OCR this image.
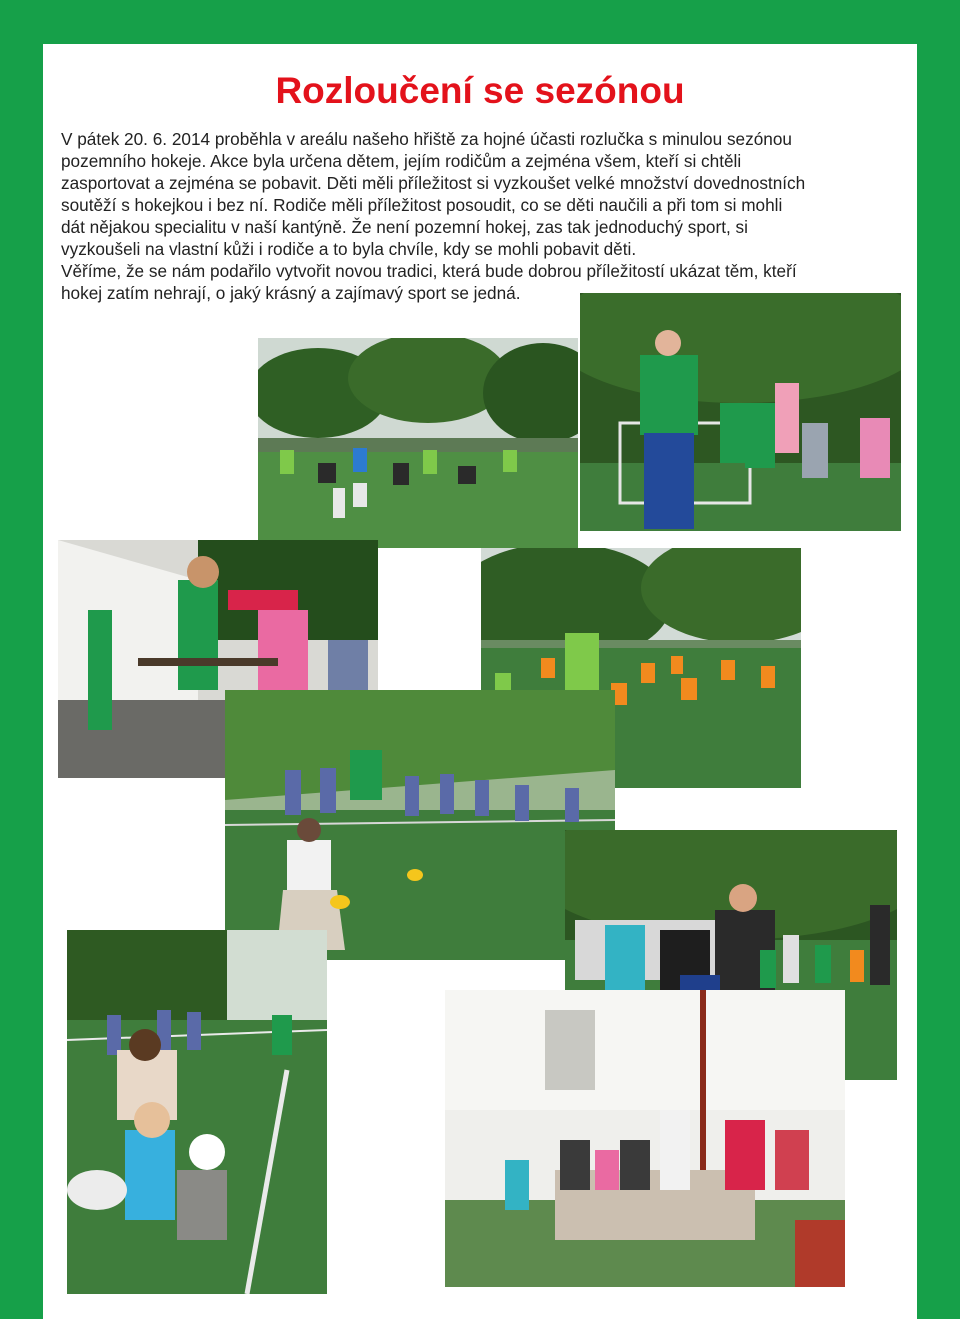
Rozloučení se sezónou
V pátek 20. 6. 2014 proběhla v areálu našeho hřiště za hojné účasti rozlučka s minulou sezónou
pozemního hokeje. Akce byla určena dětem, jejím rodičům a zejména všem, kteří si chtěli
zasportovat a zejména se pobavit. Děti měli příležitost si vyzkoušet velké množství dovednostních
soutěží s hokejkou i bez ní. Rodiče měli příležitost posoudit, co se děti naučili a při tom si mohli
dát nějakou specialitu v naší kantýně. Že není pozemní hokej, zas tak jednoduchý sport, si
vyzkoušeli na vlastní kůži i rodiče a to byla chvíle, kdy se mohli pobavit děti.
Věříme, že se nám podařilo vytvořit novou tradici, která bude dobrou příležitostí ukázat těm, kteří
hokej zatím nehrají, o jaký krásný a zajímavý sport se jedná.
